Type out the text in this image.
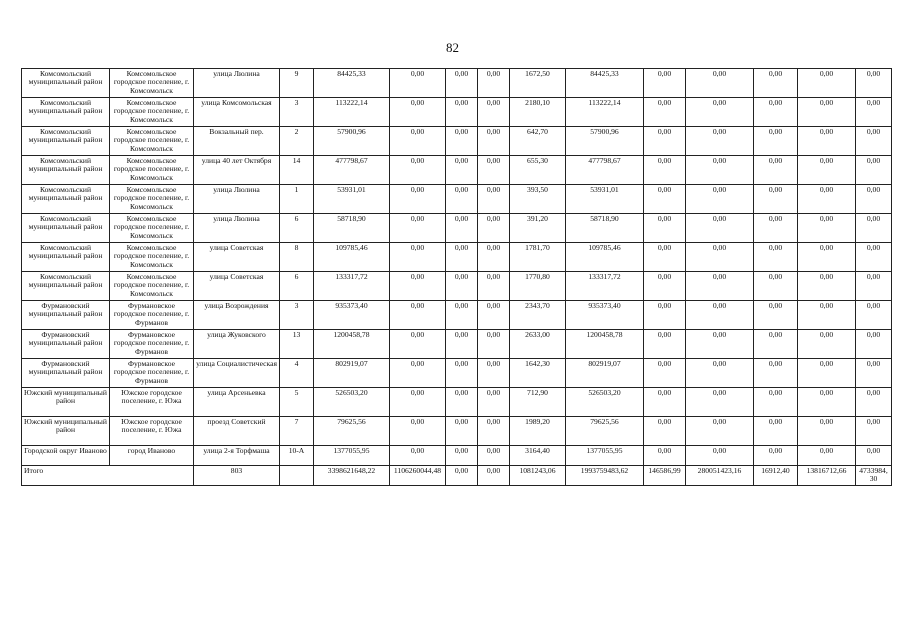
82
Комсомольский муниципальный район	Комсомольское городское поселение, г. Комсомольск	улица Люлина	9	84425,33	0,00	0,00	0,00	1672,50	84425,33	0,00	0,00	0,00	0,00	0,00
Комсомольский муниципальный район	Комсомольское городское поселение, г. Комсомольск	улица Комсомольская	3	113222,14	0,00	0,00	0,00	2180,10	113222,14	0,00	0,00	0,00	0,00	0,00
Комсомольский муниципальный район	Комсомольское городское поселение, г. Комсомольск	Вокзальный пер.	2	57900,96	0,00	0,00	0,00	642,70	57900,96	0,00	0,00	0,00	0,00	0,00
Комсомольский муниципальный район	Комсомольское городское поселение, г. Комсомольск	улица 40 лет Октября	14	477798,67	0,00	0,00	0,00	655,30	477798,67	0,00	0,00	0,00	0,00	0,00
Комсомольский муниципальный район	Комсомольское городское поселение, г. Комсомольск	улица Люлина	1	53931,01	0,00	0,00	0,00	393,50	53931,01	0,00	0,00	0,00	0,00	0,00
Комсомольский муниципальный район	Комсомольское городское поселение, г. Комсомольск	улица Люлина	6	58718,90	0,00	0,00	0,00	391,20	58718,90	0,00	0,00	0,00	0,00	0,00
Комсомольский муниципальный район	Комсомольское городское поселение, г. Комсомольск	улица Советская	8	109785,46	0,00	0,00	0,00	1781,70	109785,46	0,00	0,00	0,00	0,00	0,00
Комсомольский муниципальный район	Комсомольское городское поселение, г. Комсомольск	улица Советская	6	133317,72	0,00	0,00	0,00	1770,80	133317,72	0,00	0,00	0,00	0,00	0,00
Фурмановский муниципальный район	Фурмановское городское поселение, г. Фурманов	улица Возрождения	3	935373,40	0,00	0,00	0,00	2343,70	935373,40	0,00	0,00	0,00	0,00	0,00
Фурмановский муниципальный район	Фурмановское городское поселение, г. Фурманов	улица Жуковского	13	1200458,78	0,00	0,00	0,00	2633,00	1200458,78	0,00	0,00	0,00	0,00	0,00
Фурмановский муниципальный район	Фурмановское городское поселение, г. Фурманов	улица Социалистическая	4	802919,07	0,00	0,00	0,00	1642,30	802919,07	0,00	0,00	0,00	0,00	0,00
Южский муниципальный район	Южское городское поселение, г. Южа	улица Арсеньевка	5	526503,20	0,00	0,00	0,00	712,90	526503,20	0,00	0,00	0,00	0,00	0,00
Южский муниципальный район	Южское городское поселение, г. Южа	проезд Советский	7	79625,56	0,00	0,00	0,00	1989,20	79625,56	0,00	0,00	0,00	0,00	0,00
Городской округ Иваново	город Иваново	улица 2-я Торфмаша	10-А	1377055,95	0,00	0,00	0,00	3164,40	1377055,95	0,00	0,00	0,00	0,00	0,00
Итого		803		3398621648,22	1106260044,48	0,00	0,00	1081243,06	1993759483,62	146586,99	280051423,16	16912,40	13816712,66	4733984,30
